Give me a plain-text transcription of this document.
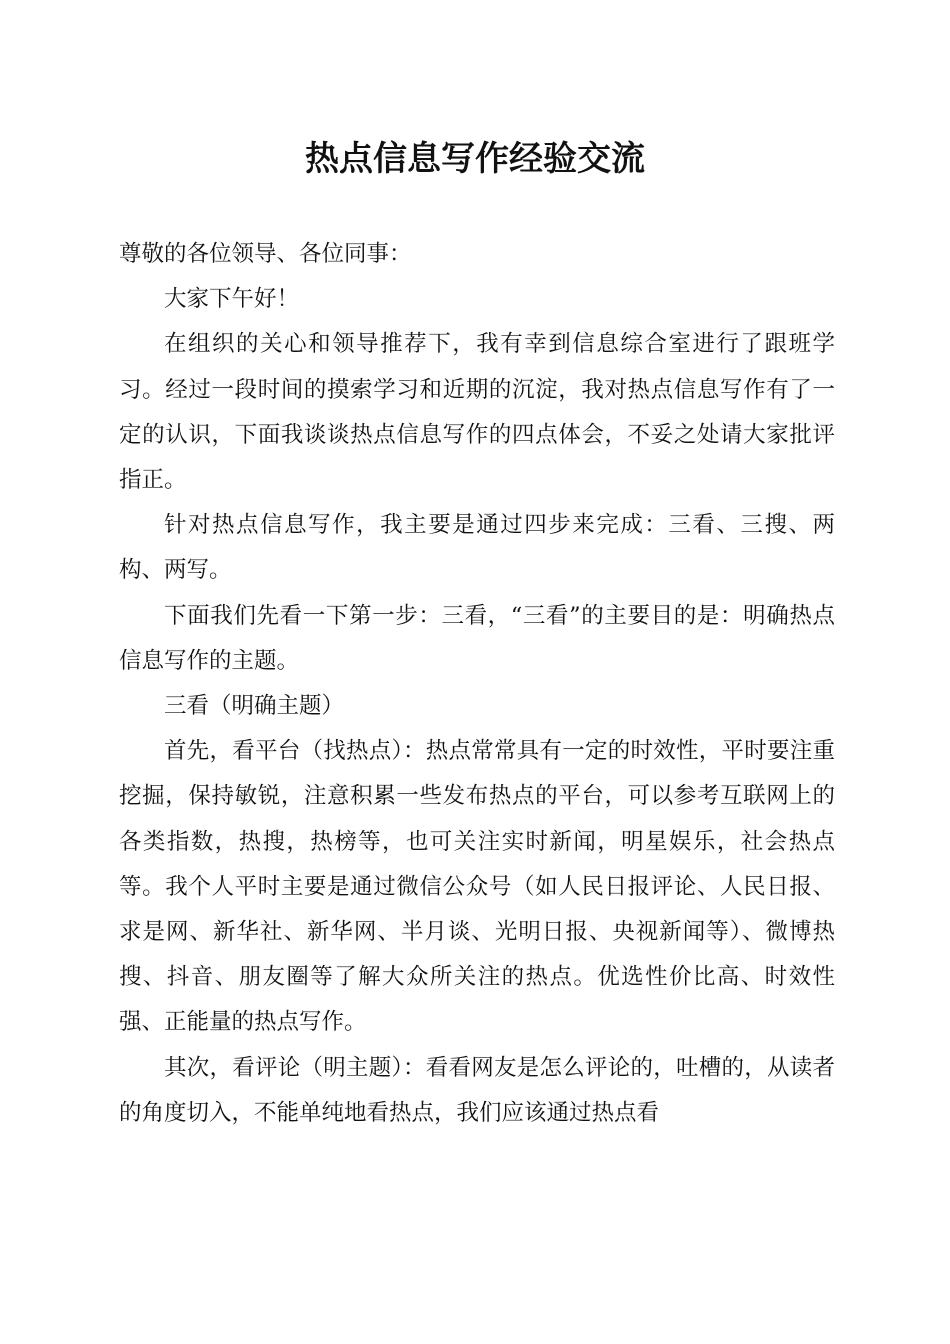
热点信息写作经验交流

尊敬的各位领导、各位同事：

大家下午好！

在组织的关心和领导推荐下，我有幸到信息综合室进行了跟班学习。经过一段时间的摸索学习和近期的沉淀，我对热点信息写作有了一定的认识，下面我谈谈热点信息写作的四点体会，不妥之处请大家批评指正。

针对热点信息写作，我主要是通过四步来完成：三看、三搜、两构、两写。

下面我们先看一下第一步：三看，“三看”的主要目的是：明确热点信息写作的主题。

三看（明确主题）

首先，看平台（找热点）：热点常常具有一定的时效性，平时要注重挖掘，保持敏锐，注意积累一些发布热点的平台，可以参考互联网上的各类指数，热搜，热榜等，也可关注实时新闻，明星娱乐，社会热点等。我个人平时主要是通过微信公众号（如人民日报评论、人民日报、求是网、新华社、新华网、半月谈、光明日报、央视新闻等）、微博热搜、抖音、朋友圈等了解大众所关注的热点。优选性价比高、时效性强、正能量的热点写作。

其次，看评论（明主题）：看看网友是怎么评论的，吐槽的，从读者的角度切入，不能单纯地看热点，我们应该通过热点看
